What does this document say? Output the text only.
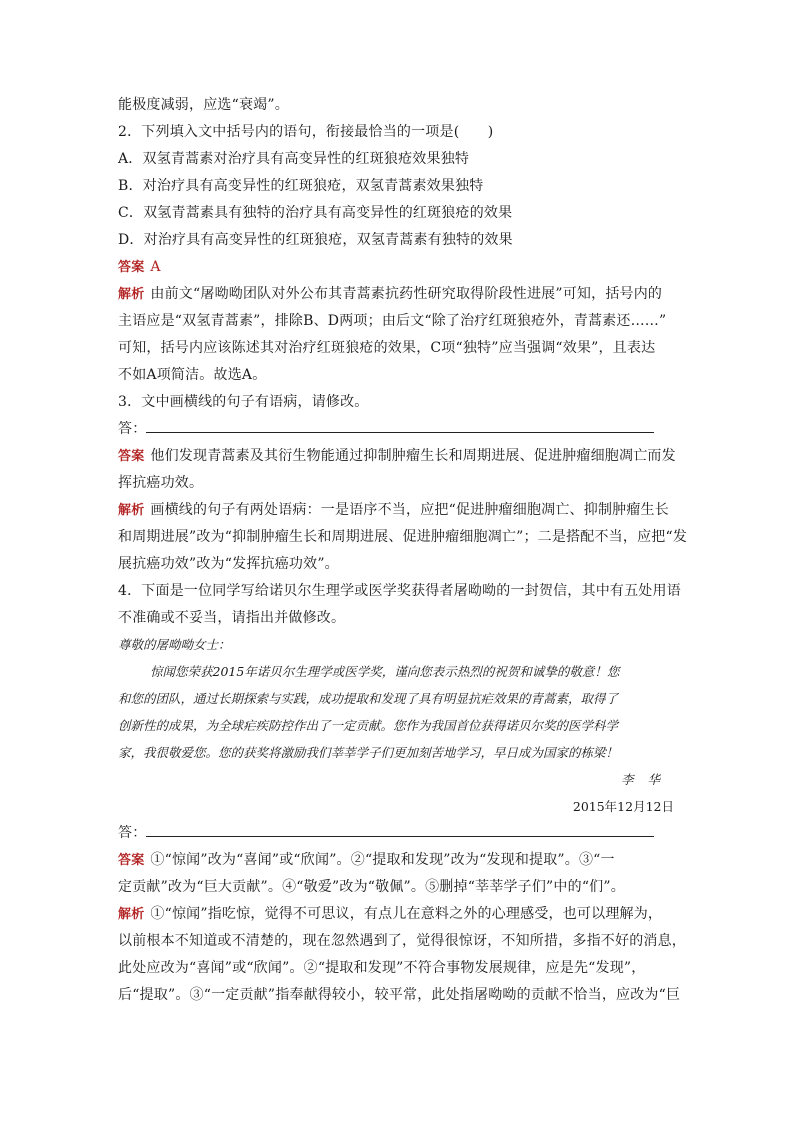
能极度减弱，应选“衰竭”。
2．下列填入文中括号内的语句，衔接最恰当的一项是(　　)
A．双氢青蒿素对治疗具有高变异性的红斑狼疮效果独特
B．对治疗具有高变异性的红斑狼疮，双氢青蒿素效果独特
C．双氢青蒿素具有独特的治疗具有高变异性的红斑狼疮的效果
D．对治疗具有高变异性的红斑狼疮，双氢青蒿素有独特的效果
答案 A
解析 由前文“屠呦呦团队对外公布其青蒿素抗药性研究取得阶段性进展”可知，括号内的
主语应是“双氢青蒿素”，排除B、D两项；由后文“除了治疗红斑狼疮外，青蒿素还……”
可知，括号内应该陈述其对治疗红斑狼疮的效果，C项“独特”应当强调“效果”，且表达
不如A项简洁。故选A。
3．文中画横线的句子有语病，请修改。
答：
答案 他们发现青蒿素及其衍生物能通过抑制肿瘤生长和周期进展、促进肿瘤细胞凋亡而发
挥抗癌功效。
解析 画横线的句子有两处语病：一是语序不当，应把“促进肿瘤细胞凋亡、抑制肿瘤生长
和周期进展”改为“抑制肿瘤生长和周期进展、促进肿瘤细胞凋亡”；二是搭配不当，应把“发
展抗癌功效”改为“发挥抗癌功效”。
4．下面是一位同学写给诺贝尔生理学或医学奖获得者屠呦呦的一封贺信，其中有五处用语
不准确或不妥当，请指出并做修改。
尊敬的屠呦呦女士：
惊闻您荣获2015年诺贝尔生理学或医学奖，谨向您表示热烈的祝贺和诚挚的敬意！您
和您的团队，通过长期探索与实践，成功提取和发现了具有明显抗疟效果的青蒿素，取得了
创新性的成果，为全球疟疾防控作出了一定贡献。您作为我国首位获得诺贝尔奖的医学科学
家，我很敬爱您。您的获奖将激励我们莘莘学子们更加刻苦地学习，早日成为国家的栋梁！
李华
2015年12月12日
答：
答案 ①“惊闻”改为“喜闻”或“欣闻”。②“提取和发现”改为“发现和提取”。③“一
定贡献”改为“巨大贡献”。④“敬爱”改为“敬佩”。⑤删掉“莘莘学子们”中的“们”。
解析 ①“惊闻”指吃惊，觉得不可思议，有点儿在意料之外的心理感受，也可以理解为，
以前根本不知道或不清楚的，现在忽然遇到了，觉得很惊讶，不知所措，多指不好的消息，
此处应改为“喜闻”或“欣闻”。②“提取和发现”不符合事物发展规律，应是先“发现”，
后“提取”。③“一定贡献”指奉献得较小，较平常，此处指屠呦呦的贡献不恰当，应改为“巨
